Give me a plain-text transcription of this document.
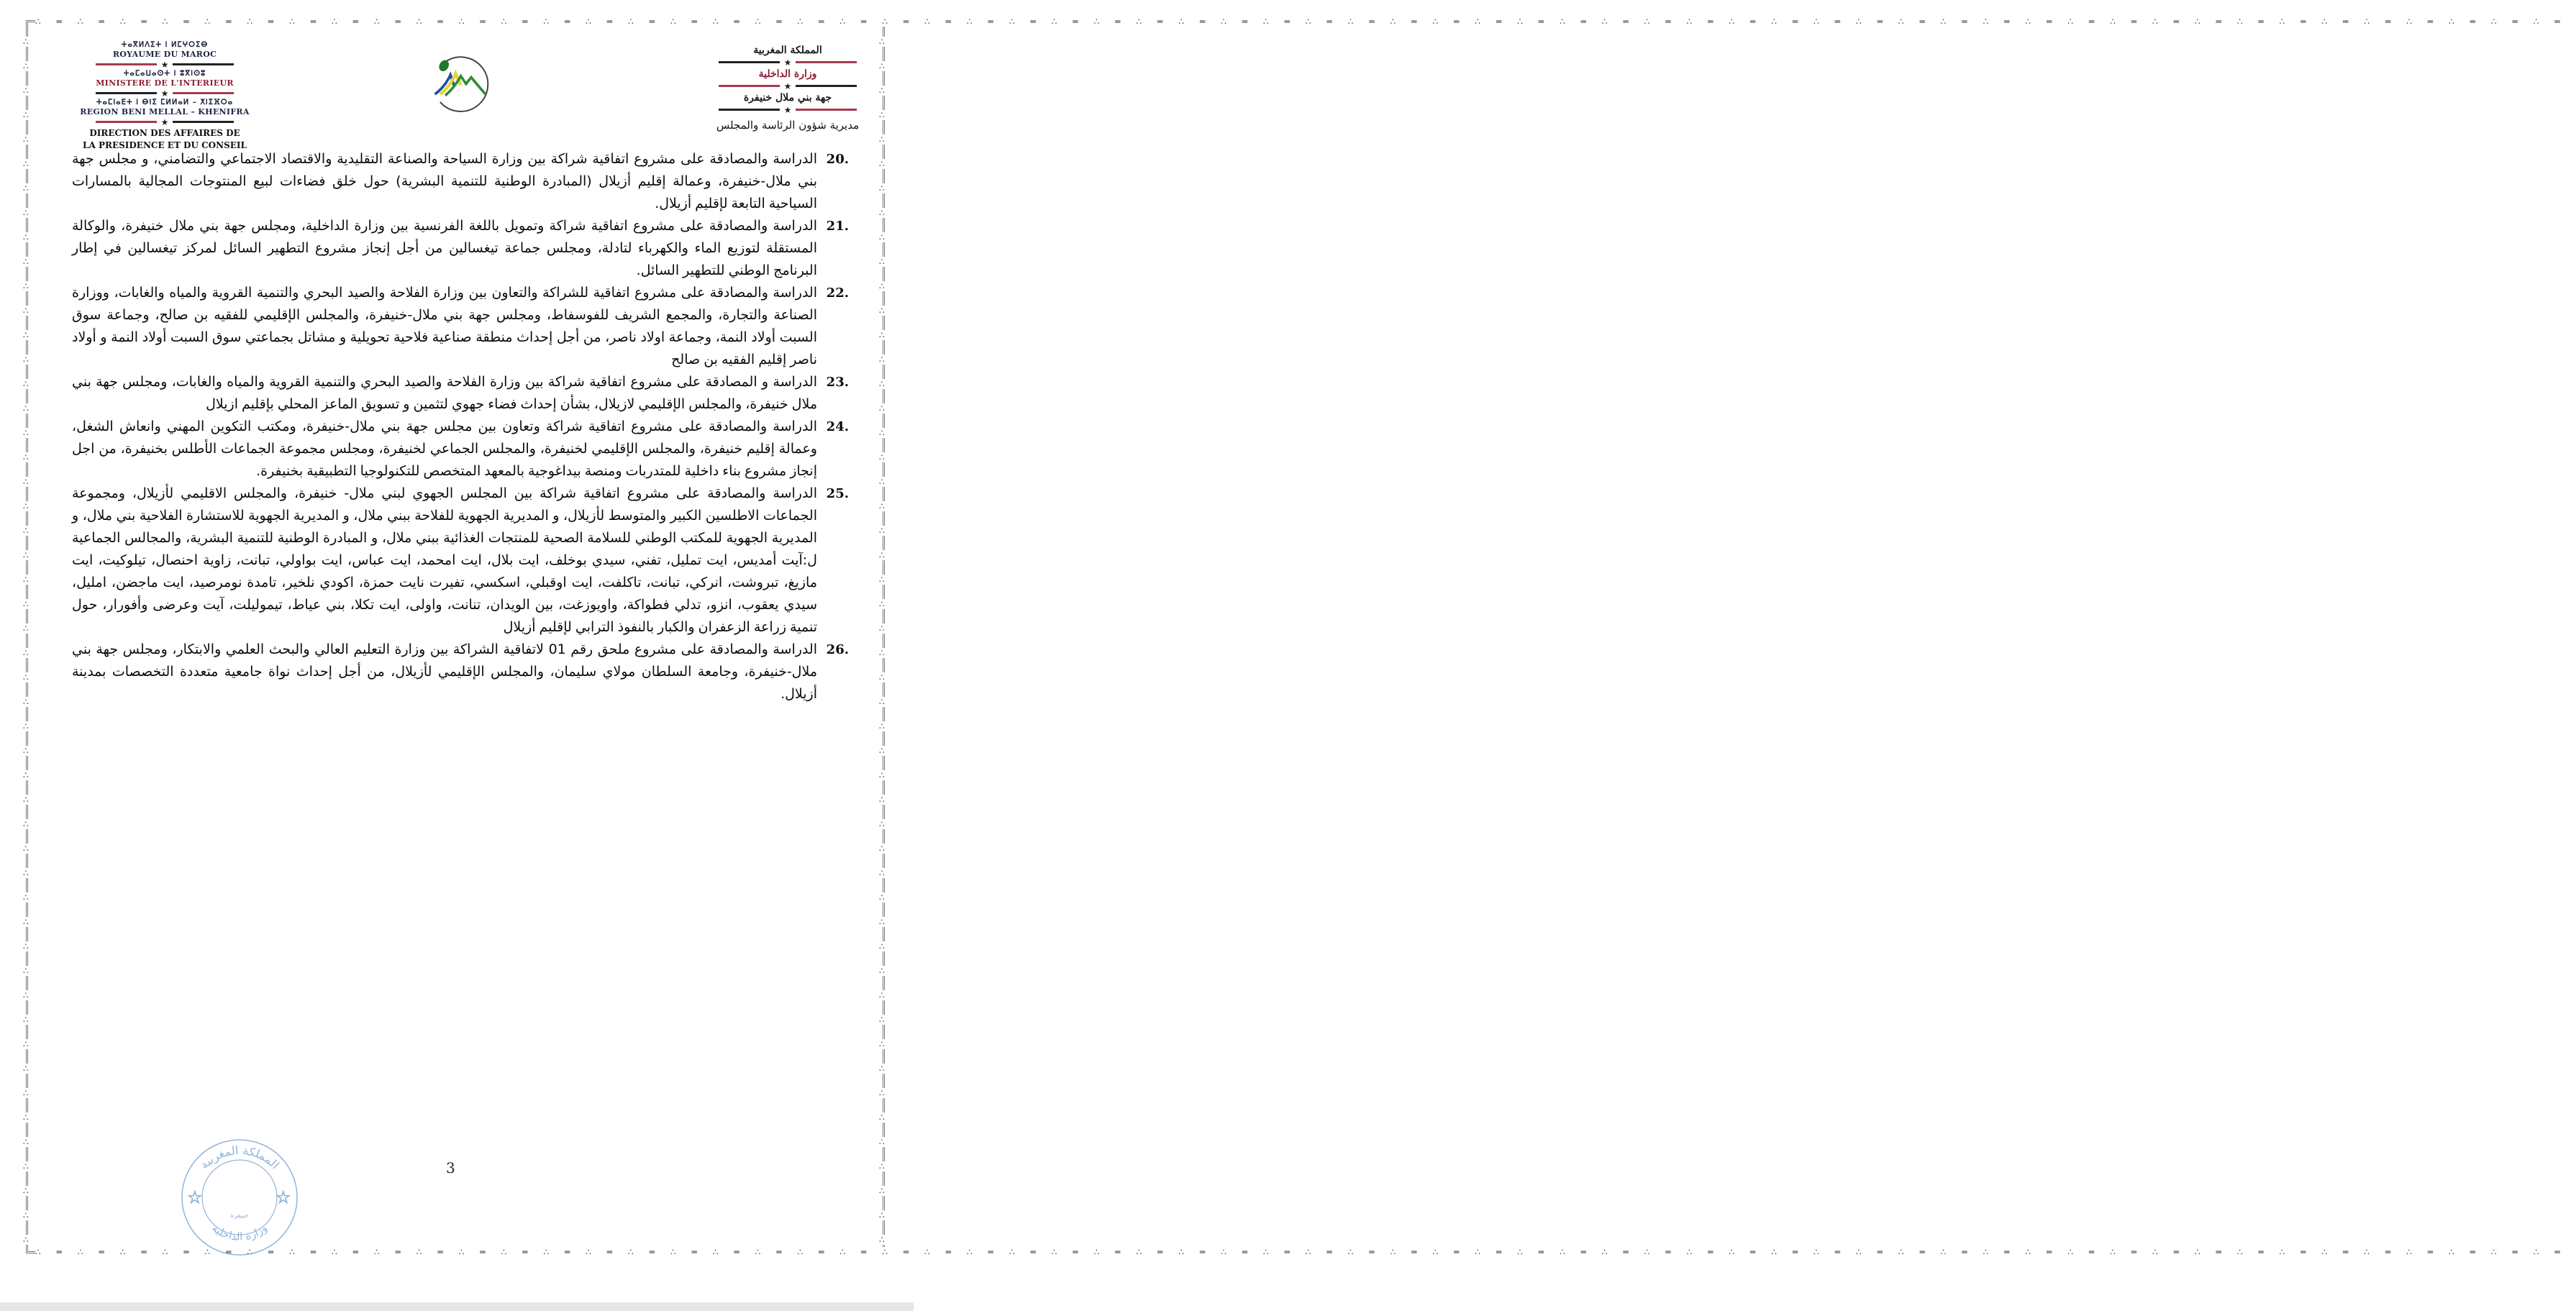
∴═∴═∴═∴═∴═∴═∴═∴═∴═∴═∴═∴═∴═∴═∴═∴═∴═∴═∴═∴═∴═∴═∴═∴═∴═∴═∴═∴═∴═∴═∴═∴═∴═∴═∴═∴═∴═∴═∴═∴═∴═∴═∴═∴═∴═∴═∴═∴═∴═∴═∴═∴═∴═∴═∴═∴═∴═∴═∴═∴═
∴═∴═∴═∴═∴═∴═∴═∴═∴═∴═∴═∴═∴═∴═∴═∴═∴═∴═∴═∴═∴═∴═∴═∴═∴═∴═∴═∴═∴═∴═∴═∴═∴═∴═∴═∴═∴═∴═∴═∴═∴═∴═∴═∴═∴═∴═∴═∴═∴═∴═∴═∴═∴═∴═∴═∴═∴═∴═∴═∴═
∴∴∴∴∴∴∴∴∴∴∴∴∴∴∴∴∴∴∴∴∴∴∴∴∴∴∴∴∴∴∴∴∴∴∴∴∴∴∴∴∴∴∴∴∴∴∴∴∴∴
∴∴∴∴∴∴∴∴∴∴∴∴∴∴∴∴∴∴∴∴∴∴∴∴∴∴∴∴∴∴∴∴∴∴∴∴∴∴∴∴∴∴∴∴∴∴∴∴∴∴
ⵜⴰⴳⵍⴷⵉⵜ ⵏ ⵍⵎⵖⵔⵉⴱ
ROYAUME DU MAROC
★
ⵜⴰⵎⴰⵡⴰⵙⵜ ⵏ ⵓⴳⵏⵙⵓ
MINISTERE DE L'INTERIEUR
★
ⵜⴰⵎⵏⴰⴹⵜ ⵏ ⴱⵏⵉ ⵎⵍⵍⴰⵍ – ⵅⵏⵉⴼⵔⴰ
REGION BENI MELLAL – KHENIFRA
★
DIRECTION DES AFFAIRES DE
LA PRESIDENCE ET DU CONSEIL
المملكة المغربية
★
وزارة الداخلية
★
جهة بني ملال خنيفرة
★
مديرية شؤون الرئاسة والمجلس
20.
الدراسة والمصادقة على مشروع اتفاقية شراكة بين وزارة السياحة والصناعة التقليدية والاقتصاد الاجتماعي والتضامني، و مجلس جهة بني ملال-خنيفرة، وعمالة إقليم أزيلال (المبادرة الوطنية للتنمية البشرية) حول خلق فضاءات لبيع المنتوجات المجالية بالمسارات السياحية التابعة لإقليم أزيلال.
21.
الدراسة والمصادقة على مشروع اتفاقية شراكة وتمويل باللغة الفرنسية بين وزارة الداخلية، ومجلس جهة بني ملال خنيفرة، والوكالة المستقلة لتوزيع الماء والكهرباء لتادلة، ومجلس جماعة تيغسالين من أجل إنجاز مشروع التطهير السائل لمركز تيغسالين في إطار البرنامج الوطني للتطهير السائل.
22.
الدراسة والمصادقة على مشروع اتفاقية للشراكة والتعاون بين وزارة الفلاحة والصيد البحري والتنمية القروية والمياه والغابات، ووزارة الصناعة والتجارة، والمجمع الشريف للفوسفاط، ومجلس جهة بني ملال-خنيفرة، والمجلس الإقليمي للفقيه بن صالح، وجماعة سوق السبت أولاد النمة، وجماعة اولاد ناصر، من أجل إحداث منطقة صناعية فلاحية تحويلية و مشاتل بجماعتي سوق السبت أولاد النمة و أولاد ناصر إقليم الفقيه بن صالح
23.
الدراسة و المصادقة على مشروع اتفاقية شراكة بين وزارة الفلاحة والصيد البحري والتنمية القروية والمياه والغابات، ومجلس جهة بني ملال خنيفرة، والمجلس الإقليمي لازيلال، بشأن إحداث فضاء جهوي لتثمين و تسويق الماعز المحلي بإقليم ازيلال
24.
الدراسة والمصادقة على مشروع اتفاقية شراكة وتعاون بين مجلس جهة بني ملال-خنيفرة، ومكتب التكوين المهني وانعاش الشغل، وعمالة إقليم خنيفرة، والمجلس الإقليمي لخنيفرة، والمجلس الجماعي لخنيفرة، ومجلس مجموعة الجماعات الأطلس بخنيفرة، من اجل إنجاز مشروع بناء داخلية للمتدربات ومنصة بيداغوجية بالمعهد المتخصص للتكنولوجيا التطبيقية بخنيفرة.
25.
الدراسة والمصادقة على مشروع اتفاقية شراكة بين المجلس الجهوي لبني ملال- خنيفرة، والمجلس الاقليمي لأزيلال، ومجموعة الجماعات الاطلسين الكبير والمتوسط لأزيلال، و المديرية الجهوية للفلاحة ببني ملال، و المديرية الجهوية للاستشارة الفلاحية بني ملال، و المديرية الجهوية للمكتب الوطني للسلامة الصحية للمنتجات الغذائية ببني ملال، و المبادرة الوطنية للتنمية البشرية، والمجالس الجماعية ل:آيت أمديس، ايت تمليل، تفني، سيدي بوخلف، ايت بلال، ايت امحمد، ايت عباس، ايت بواولي، تبانت، زاوية احنصال، تيلوكيت، ايت مازيغ، تبروشت، انركي، تبانت، تاكلفت، ايت اوقبلي، اسكسي، تفيرت نايت حمزة، اكودي نلخير، تامدة نومرصيد، ايت ماجضن، امليل، سيدي يعقوب، انزو، تدلي فطواكة، واويوزغت، بين الويدان، تنانت، واولى، ايت تكلا، بني عياط، تيموليلت، آيت وعرضى وأفورار، حول تنمية زراعة الزعفران والكبار بالنفوذ الترابي لإقليم أزيلال
26.
الدراسة والمصادقة على مشروع ملحق رقم 01 لاتفاقية الشراكة بين وزارة التعليم العالي والبحث العلمي والابتكار، ومجلس جهة بني ملال-خنيفرة، وجامعة السلطان مولاي سليمان، والمجلس الإقليمي لأزيلال، من أجل إحداث نواة جامعية متعددة التخصصات بمدينة أزيلال.
المملكة المغربية
وزارة الداخلية
خنيفرة
☆	☆
3
